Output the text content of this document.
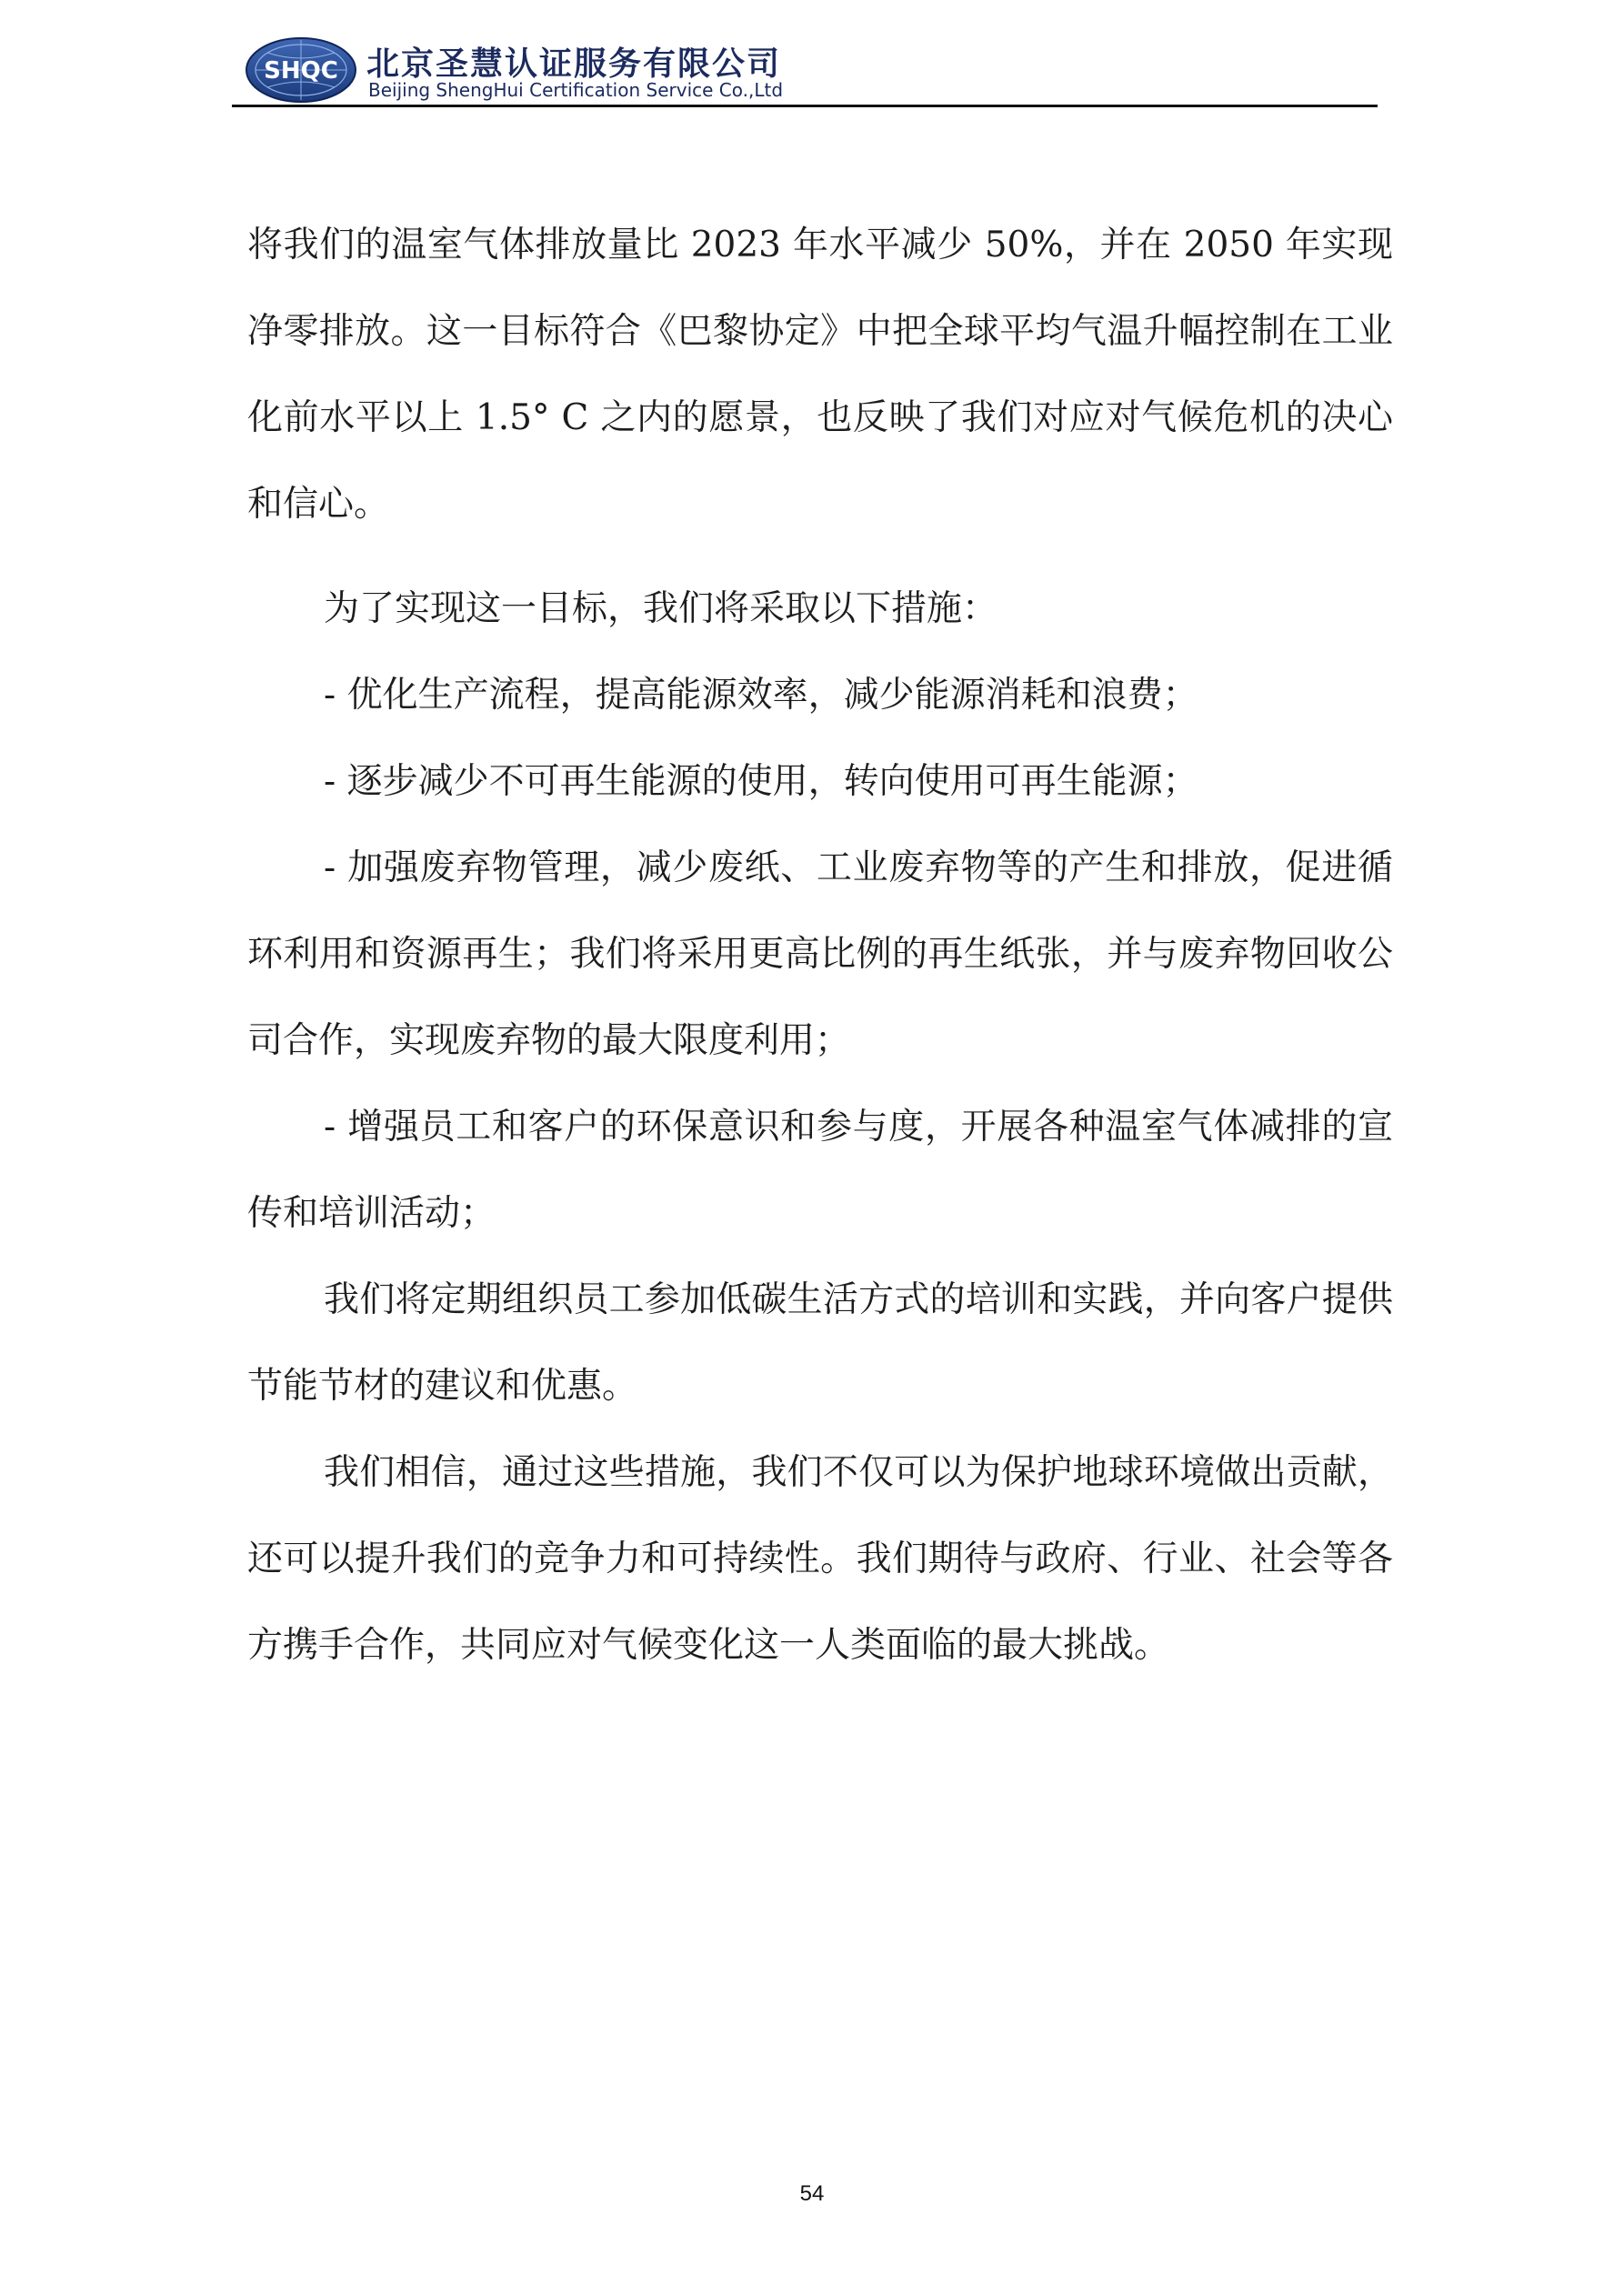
SHQC 北京圣慧认证服务有限公司
Beijing ShengHui Certification Service Co.,Ltd

将我们的温室气体排放量比 2023 年水平减少 50%，并在 2050 年实现净零排放。这一目标符合《巴黎协定》中把全球平均气温升幅控制在工业化前水平以上 1.5° C 之内的愿景，也反映了我们对应对气候危机的决心和信心。

为了实现这一目标，我们将采取以下措施：

- 优化生产流程，提高能源效率，减少能源消耗和浪费；

- 逐步减少不可再生能源的使用，转向使用可再生能源；

- 加强废弃物管理，减少废纸、工业废弃物等的产生和排放，促进循环利用和资源再生；我们将采用更高比例的再生纸张，并与废弃物回收公司合作，实现废弃物的最大限度利用；

- 增强员工和客户的环保意识和参与度，开展各种温室气体减排的宣传和培训活动；

我们将定期组织员工参加低碳生活方式的培训和实践，并向客户提供节能节材的建议和优惠。

我们相信，通过这些措施，我们不仅可以为保护地球环境做出贡献，还可以提升我们的竞争力和可持续性。我们期待与政府、行业、社会等各方携手合作，共同应对气候变化这一人类面临的最大挑战。

54
